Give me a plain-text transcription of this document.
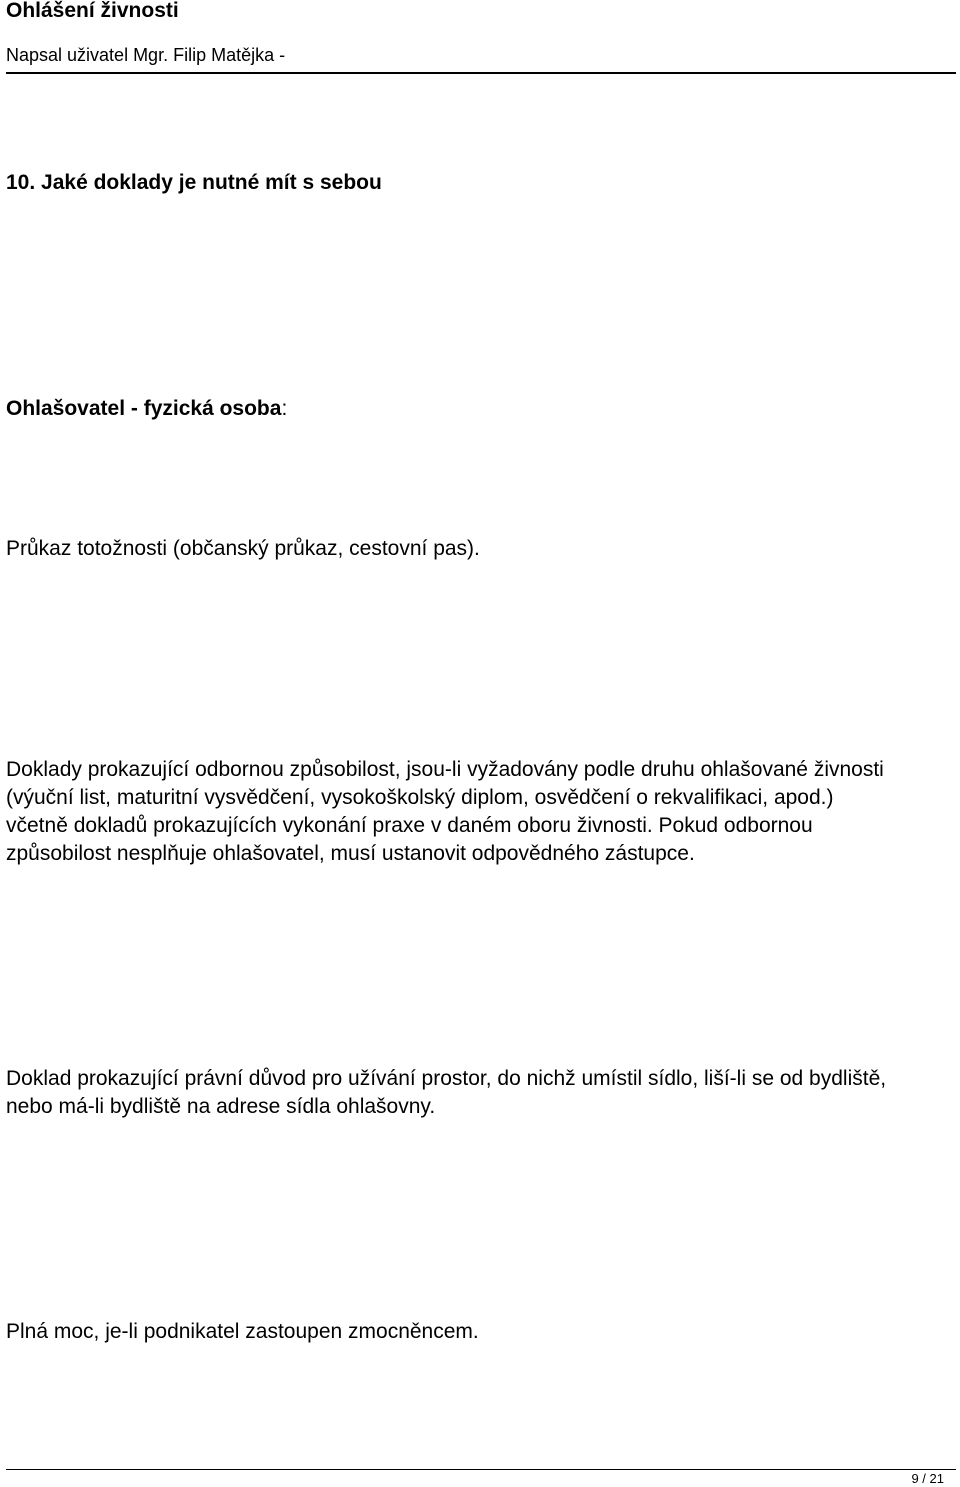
Ohlášení živnosti
Napsal uživatel Mgr. Filip Matějka -
10. Jaké doklady je nutné mít s sebou
Ohlašovatel - fyzická osoba:
Průkaz totožnosti (občanský průkaz, cestovní pas).
Doklady prokazující odbornou způsobilost, jsou-li vyžadovány podle druhu ohlašované živnosti
(výuční list, maturitní vysvědčení, vysokoškolský diplom, osvědčení o rekvalifikaci, apod.)
včetně dokladů prokazujících vykonání praxe v daném oboru živnosti. Pokud odbornou
způsobilost nesplňuje ohlašovatel, musí ustanovit odpovědného zástupce.
Doklad prokazující právní důvod pro užívání prostor, do nichž umístil sídlo, liší-li se od bydliště,
nebo má-li bydliště na adrese sídla ohlašovny.
Plná moc, je-li podnikatel zastoupen zmocněncem.
9 / 21
